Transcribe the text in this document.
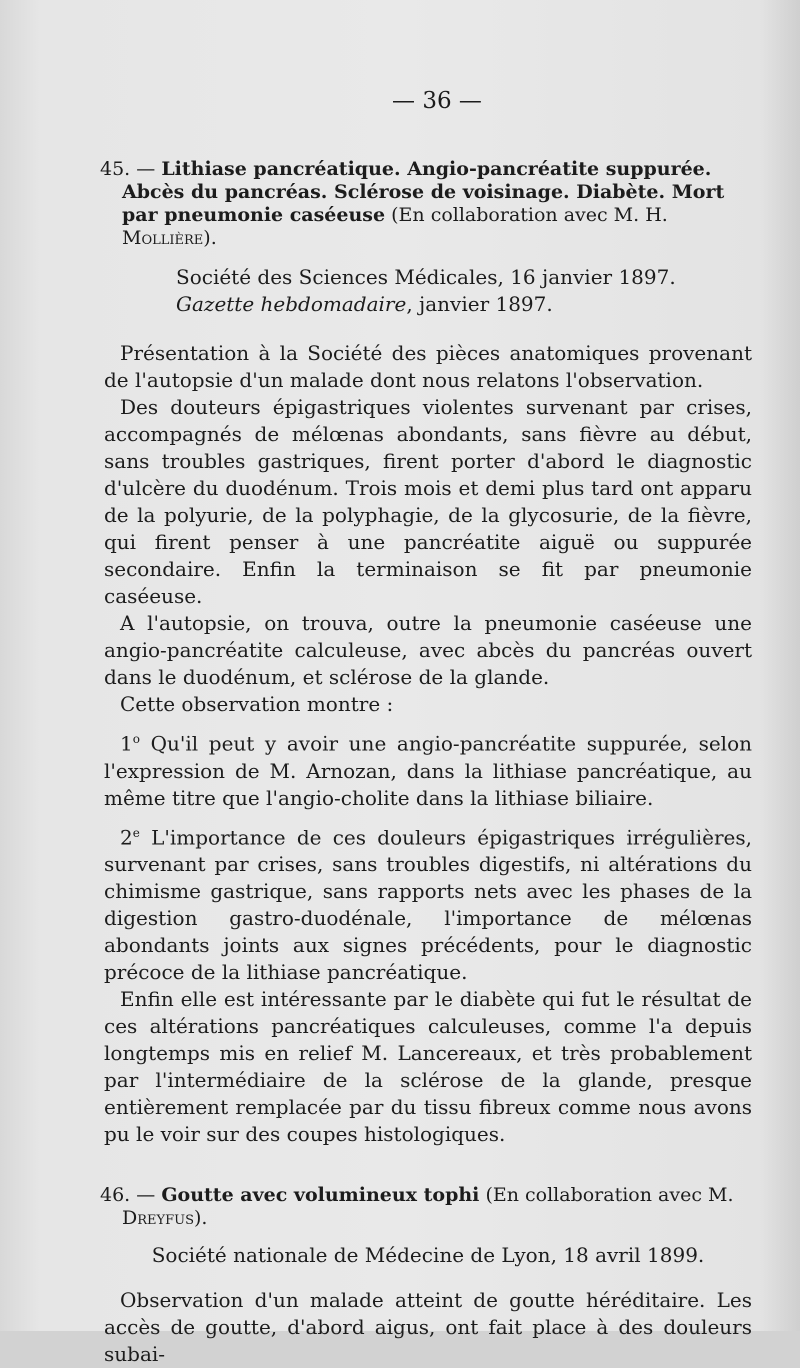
— 36 —

45. — Lithiase pancréatique. Angio-pancréatite suppurée. Abcès du pancréas. Sclérose de voisinage. Diabète. Mort par pneumonie caséeuse (En collaboration avec M. H. Mollière).

Société des Sciences Médicales, 16 janvier 1897.

Gazette hebdomadaire, janvier 1897.

Présentation à la Société des pièces anatomiques provenant de l'autopsie d'un malade dont nous relatons l'observation.

Des douteurs épigastriques violentes survenant par crises, accompagnés de mélœnas abondants, sans fièvre au début, sans troubles gastriques, firent porter d'abord le diagnostic d'ulcère du duodénum. Trois mois et demi plus tard ont apparu de la polyurie, de la polyphagie, de la glycosurie, de la fièvre, qui firent penser à une pancréatite aiguë ou suppurée secondaire. Enfin la terminaison se fit par pneumonie caséeuse.

A l'autopsie, on trouva, outre la pneumonie caséeuse une angio-pancréatite calculeuse, avec abcès du pancréas ouvert dans le duodénum, et sclérose de la glande.

Cette observation montre :

1$^o$ Qu'il peut y avoir une angio-pancréatite suppurée, selon l'expression de M. Arnozan, dans la lithiase pancréatique, au même titre que l'angio-cholite dans la lithiase biliaire.

2e L'importance de ces douleurs épigastriques irrégulières, survenant par crises, sans troubles digestifs, ni altérations du chimisme gastrique, sans rapports nets avec les phases de la digestion gastro-duodénale, l'importance de mélœnas abondants joints aux signes précédents, pour le diagnostic précoce de la lithiase pancréatique.

Enfin elle est intéressante par le diabète qui fut le résultat de ces altérations pancréatiques calculeuses, comme l'a depuis longtemps mis en relief M. Lancereaux, et très probablement par l'intermédiaire de la sclérose de la glande, presque entièrement remplacée par du tissu fibreux comme nous avons pu le voir sur des coupes histologiques.

46. — Goutte avec volumineux tophi (En collaboration avec M. Dreyfus).

Société nationale de Médecine de Lyon, 18 avril 1899.

Observation d'un malade atteint de goutte héréditaire. Les accès de goutte, d'abord aigus, ont fait place à des douleurs subai-
